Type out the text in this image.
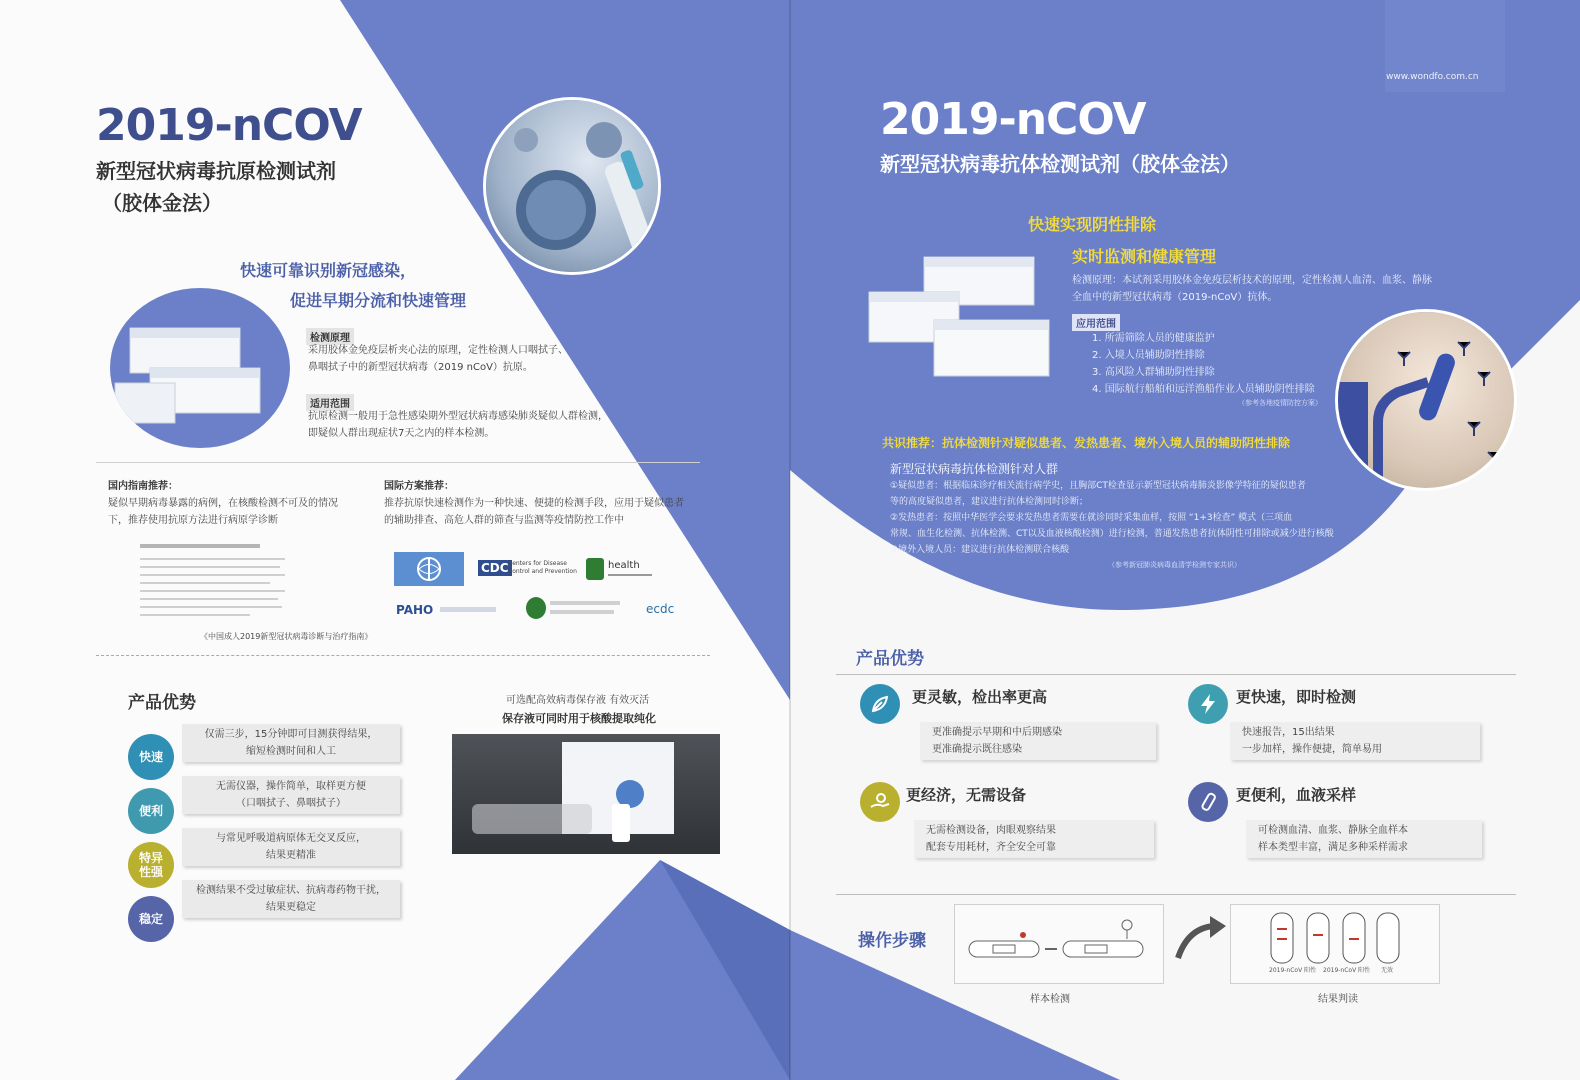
2019-nCOV
新型冠状病毒抗原检测试剂
（胶体金法）
快速可靠识别新冠感染，
促进早期分流和快速管理
检测原理
采用胶体金免疫层析夹心法的原理，定性检测人口咽拭子、
鼻咽拭子中的新型冠状病毒（2019 nCoV）抗原。
适用范围
抗原检测一般用于急性感染期外型冠状病毒感染肺炎疑似人群检测，
即疑似人群出现症状7天之内的样本检测。
国内指南推荐：
疑似早期病毒暴露的病例，在核酸检测不可及的情况
下，推荐使用抗原方法进行病原学诊断
国际方案推荐：
推荐抗原快速检测作为一种快速、便捷的检测手段，应用于疑似患者
的辅助排查、高危人群的筛查与监测等疫情防控工作中
《中国成人2019新型冠状病毒诊断与治疗指南》
CDC Centers for Disease
Control and Prevention
health
PAHO	ecdc
产品优势
快速
仅需三步，15分钟即可目测获得结果，
缩短检测时间和人工
便利
无需仪器，操作简单，取样更方便
（口咽拭子、鼻咽拭子）
特异
性强
与常见呼吸道病原体无交叉反应，
结果更精准
稳定
检测结果不受过敏症状、抗病毒药物干扰，
结果更稳定
可选配高效病毒保存液 有效灭活
保存液可同时用于核酸提取纯化
www.wondfo.com.cn
2019-nCOV
新型冠状病毒抗体检测试剂（胶体金法）
快速实现阴性排除
实时监测和健康管理
检测原理：本试剂采用胶体金免疫层析技术的原理，定性检测人血清、血浆、静脉
全血中的新型冠状病毒（2019-nCoV）抗体。
应用范围
1. 所需筛除人员的健康监护
2. 入境人员辅助阴性排除
3. 高风险人群辅助阴性排除
4. 国际航行船舶和远洋渔船作业人员辅助阴性排除
（参考各地疫情防控方案）
共识推荐：抗体检测针对疑似患者、发热患者、境外入境人员的辅助阴性排除
新型冠状病毒抗体检测针对人群
①疑似患者：根据临床诊疗相关流行病学史，且胸部CT检查显示新型冠状病毒肺炎影像学特征的疑似患者
等的高度疑似患者，建议进行抗体检测同时诊断；
②发热患者：按照中华医学会要求发热患者需要在就诊同时采集血样，按照 “1+3检查” 模式（三项血
常规、血生化检测、抗体检测、CT以及血液核酸检测）进行检测，普通发热患者抗体阴性可排除或减少进行核酸
③境外入境人员：建议进行抗体检测联合核酸
（参考新冠肺炎病毒血清学检测专家共识）
产品优势
更灵敏，检出率更高
更准确提示早期和中后期感染
更准确提示既往感染
更快速，即时检测
快速报告，15出结果
一步加样，操作便捷，简单易用
更经济，无需设备
无需检测设备，肉眼观察结果
配套专用耗材，齐全安全可靠
更便利，血液采样
可检测血清、血浆、静脉全血样本
样本类型丰富，满足多种采样需求
操作步骤
样本检测
2019-nCoV 阳性 2019-nCoV 阳性 无效
结果判读
